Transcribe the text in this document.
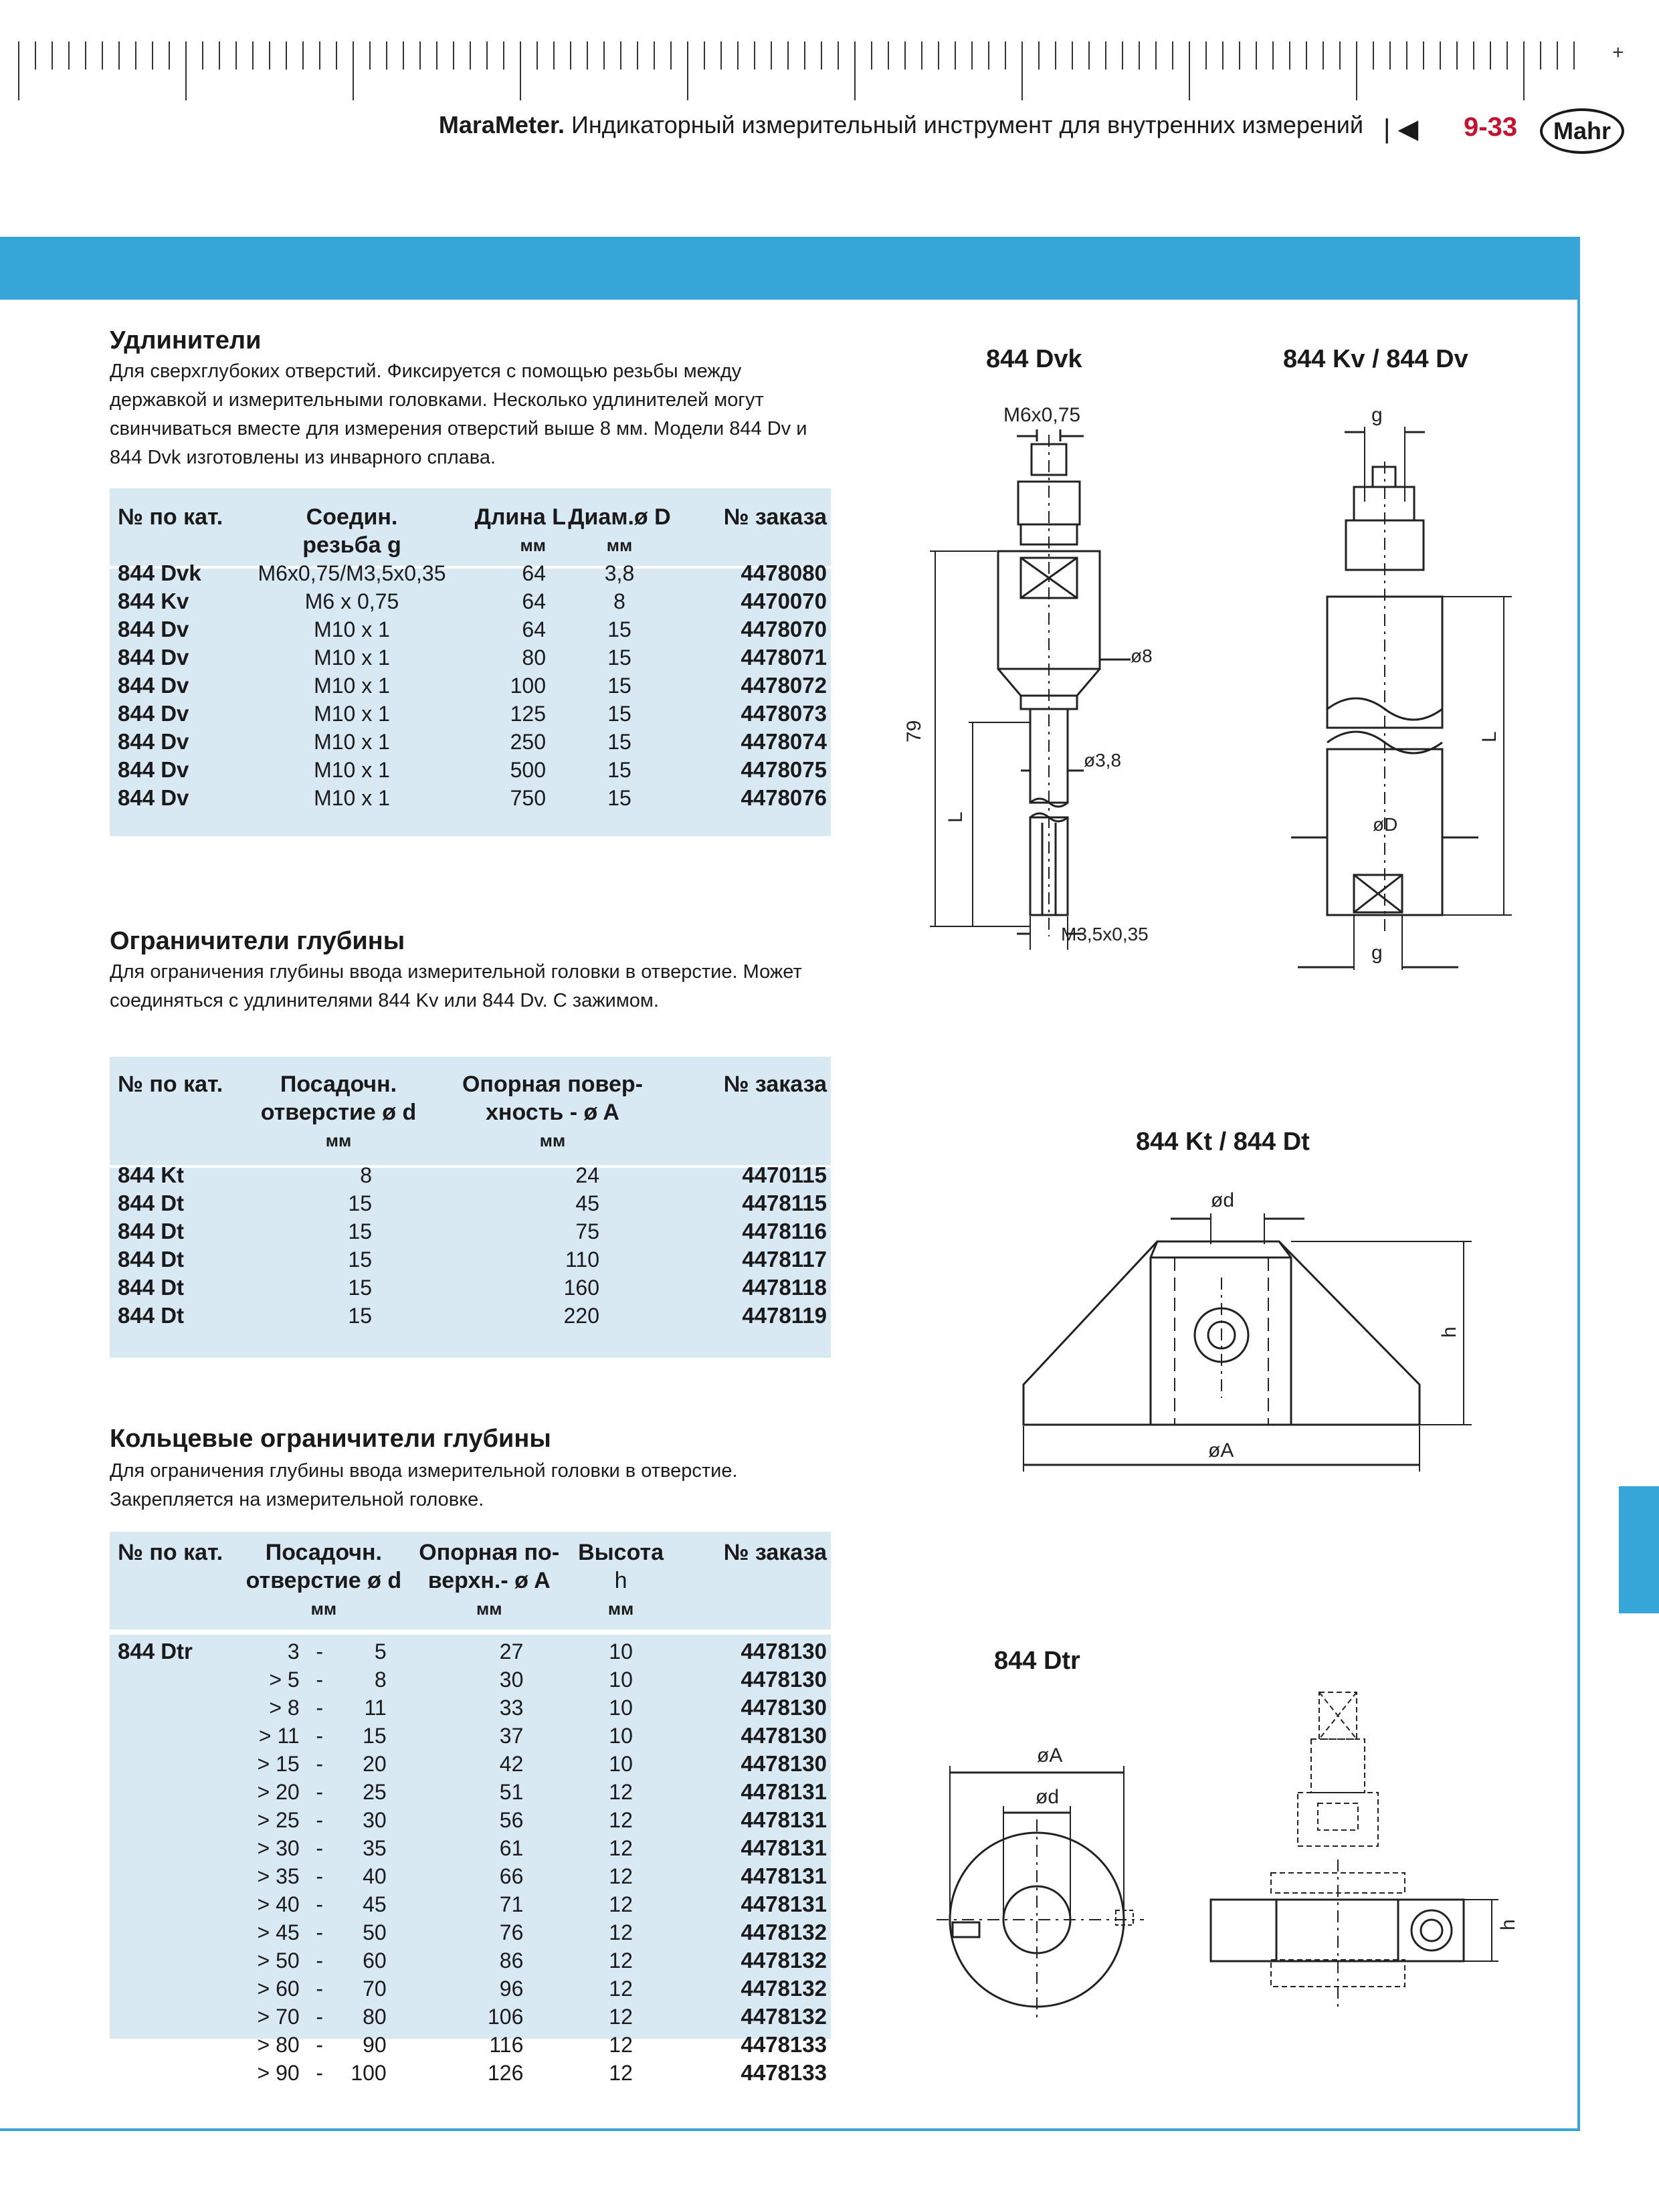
+
MaraMeter. Индикаторный измерительный инструмент для внутренних измерений | ◀ 9-33	Mahr
Удлинители
Для сверхглубоких отверстий. Фиксируется с помощью резьбы между
державкой и измерительными головками. Несколько удлинителей могут
свинчиваться вместе для измерения отверстий выше 8 мм. Модели 844 Dv и
844 Dvk изготовлены из инварного сплава.
№ по кат.	Соедин.	Длина L	Диам.ø D	№ заказа
	резьба g	мм	мм	
844 Dvk	M6x0,75/M3,5x0,35	64	3,8	4478080
844 Kv	M6 x 0,75	64	8	4470070
844 Dv	M10 x 1	64	15	4478070
844 Dv	M10 x 1	80	15	4478071
844 Dv	M10 x 1	100	15	4478072
844 Dv	M10 x 1	125	15	4478073
844 Dv	M10 x 1	250	15	4478074
844 Dv	M10 x 1	500	15	4478075
844 Dv	M10 x 1	750	15	4478076
Ограничители глубины
Для ограничения глубины ввода измерительной головки в отверстие. Может
соединяться с удлинителями 844 Kv или 844 Dv. С зажимом.
№ по кат.	Посадочн.	Опорная повер-	№ заказа
	отверстие ø d	хность - ø A	
	мм	мм	

844 Kt	8	24	4470115
844 Dt	15	45	4478115
844 Dt	15	75	4478116
844 Dt	15	110	4478117
844 Dt	15	160	4478118
844 Dt	15	220	4478119
Кольцевые ограничители глубины
Для ограничения глубины ввода измерительной головки в отверстие.
Закрепляется на измерительной головке.
№ по кат.	Посадочн.	Опорная по-	Высота	№ заказа
	отверстие ø d	верхн.- ø A	h	
	мм	мм	мм	

844 Dtr	3 - 5	27	10	4478130
	> 5 - 8	30	10	4478130
	> 8 - 11	33	10	4478130
	> 11 - 15	37	10	4478130
	> 15 - 20	42	10	4478130
	> 20 - 25	51	12	4478131
	> 25 - 30	56	12	4478131
	> 30 - 35	61	12	4478131
	> 35 - 40	66	12	4478131
	> 40 - 45	71	12	4478131
	> 45 - 50	76	12	4478132
	> 50 - 60	86	12	4478132
	> 60 - 70	96	12	4478132
	> 70 - 80	106	12	4478132
	> 80 - 90	116	12	4478133
	> 90 - 100	126	12	4478133
844 Dvk	844 Kv / 844 Dv
844 Kt / 844 Dt
844 Dtr
M6x0,75
ø8
ø3,8
79
L
M3,5x0,35
g
øD
L
g
ød
h
øA
øA
ød
h
